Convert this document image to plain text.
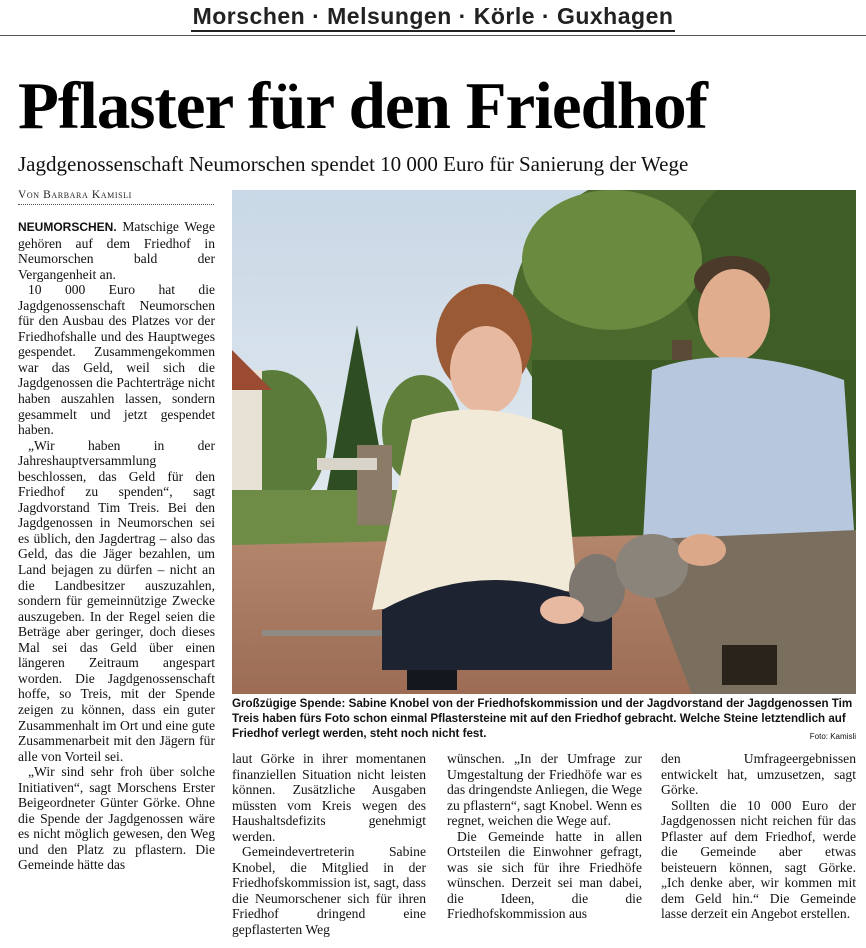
Morschen · Melsungen · Körle · Guxhagen
Pflaster für den Friedhof
Jagdgenossenschaft Neumorschen spendet 10 000 Euro für Sanierung der Wege
Von Barbara Kamisli

NEUMORSCHEN. Matschige Wege gehören auf dem Friedhof in Neumorschen bald der Vergangenheit an.

10 000 Euro hat die Jagdgenossenschaft Neumorschen für den Ausbau des Platzes vor der Friedhofshalle und des Hauptweges gespendet. Zusammengekommen war das Geld, weil sich die Jagdgenossen die Pachterträge nicht haben auszahlen lassen, sondern gesammelt und jetzt gespendet haben.

„Wir haben in der Jahreshauptversammlung beschlossen, das Geld für den Friedhof zu spenden“, sagt Jagdvorstand Tim Treis. Bei den Jagdgenossen in Neumorschen sei es üblich, den Jagdertrag – also das Geld, das die Jäger bezahlen, um Land bejagen zu dürfen – nicht an die Landbesitzer auszuzahlen, sondern für gemeinnützige Zwecke auszugeben. In der Regel seien die Beträge aber geringer, doch dieses Mal sei das Geld über einen längeren Zeitraum angespart worden. Die Jagdgenossenschaft hoffe, so Treis, mit der Spende zeigen zu können, dass ein guter Zusammenhalt im Ort und eine gute Zusammenarbeit mit den Jägern für alle von Vorteil sei.

„Wir sind sehr froh über solche Initiativen“, sagt Morschens Erster Beigeordneter Günter Görke. Ohne die Spende der Jagdgenossen wäre es nicht möglich gewesen, den Weg und den Platz zu pflastern. Die Gemeinde hätte das

Großzügige Spende: Sabine Knobel von der Friedhofskommission und der Jagdvorstand der Jagdgenossen Tim Treis haben fürs Foto schon einmal Pflastersteine mit auf den Friedhof gebracht. Welche Steine letztendlich auf Friedhof verlegt werden, steht noch nicht fest.	Foto: Kamisli

laut Görke in ihrer momentanen finanziellen Situation nicht leisten können. Zusätzliche Ausgaben müssten vom Kreis wegen des Haushaltsdefizits genehmigt werden.

Gemeindevertreterin Sabine Knobel, die Mitglied in der Friedhofskommission ist, sagt, dass die Neumorschener sich für ihren Friedhof dringend eine gepflasterten Weg

wünschen. „In der Umfrage zur Umgestaltung der Friedhöfe war es das dringendste Anliegen, die Wege zu pflastern“, sagt Knobel. Wenn es regnet, weichen die Wege auf.

Die Gemeinde hatte in allen Ortsteilen die Einwohner gefragt, was sie sich für ihre Friedhöfe wünschen. Derzeit sei man dabei, die Ideen, die die Friedhofskommission aus

den Umfrageergebnissen entwickelt hat, umzusetzen, sagt Görke.

Sollten die 10 000 Euro der Jagdgenossen nicht reichen für das Pflaster auf dem Friedhof, werde die Gemeinde aber etwas beisteuern können, sagt Görke. „Ich denke aber, wir kommen mit dem Geld hin.“ Die Gemeinde lasse derzeit ein Angebot erstellen.
